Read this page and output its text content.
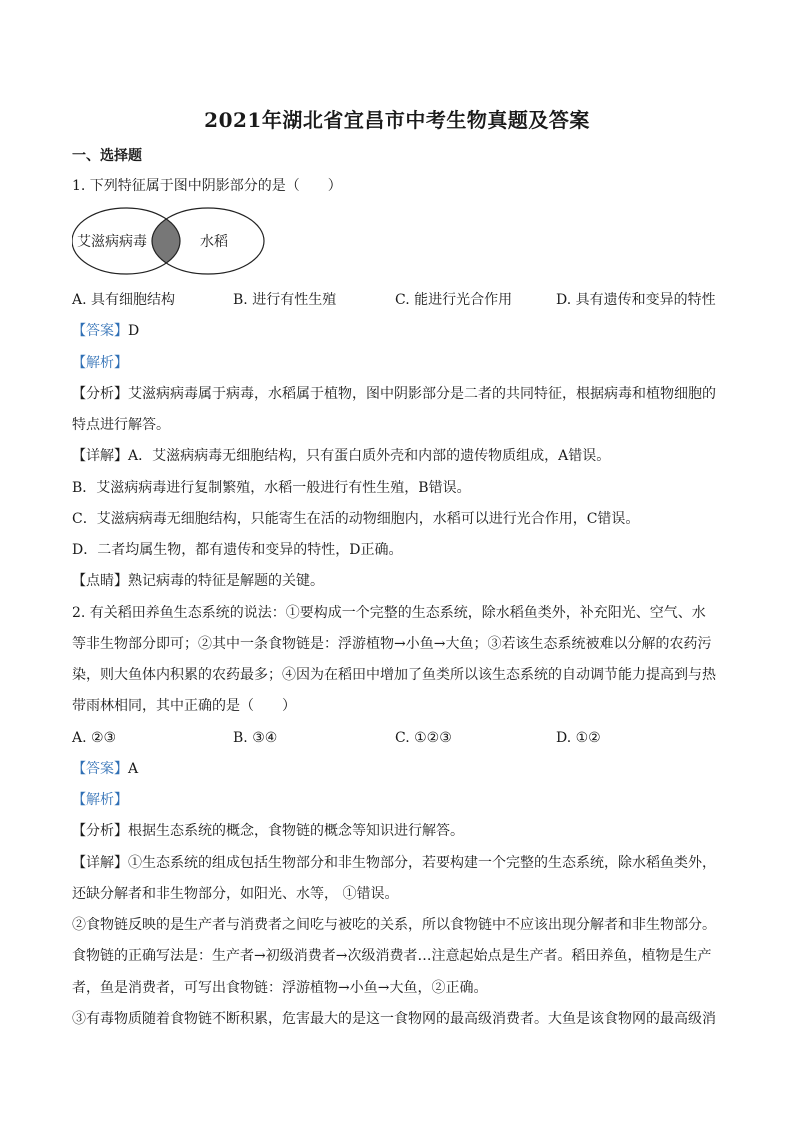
2021年湖北省宜昌市中考生物真题及答案
一、选择题
1. 下列特征属于图中阴影部分的是（　　）
艾滋病病毒	水稻
A. 具有细胞结构	B. 进行有性生殖	C. 能进行光合作用	D. 具有遗传和变异的特性
【答案】D
【解析】
【分析】艾滋病病毒属于病毒，水稻属于植物，图中阴影部分是二者的共同特征，根据病毒和植物细胞的
特点进行解答。
【详解】A．艾滋病病毒无细胞结构，只有蛋白质外壳和内部的遗传物质组成，A错误。
B．艾滋病病毒进行复制繁殖，水稻一般进行有性生殖，B错误。
C．艾滋病病毒无细胞结构，只能寄生在活的动物细胞内，水稻可以进行光合作用，C错误。
D．二者均属生物，都有遗传和变异的特性，D正确。
【点睛】熟记病毒的特征是解题的关键。
2. 有关稻田养鱼生态系统的说法：①要构成一个完整的生态系统，除水稻鱼类外，补充阳光、空气、水
等非生物部分即可；②其中一条食物链是：浮游植物→小鱼→大鱼；③若该生态系统被难以分解的农药污
染，则大鱼体内积累的农药最多；④因为在稻田中增加了鱼类所以该生态系统的自动调节能力提高到与热
带雨林相同，其中正确的是（　　）
A. ②③	B. ③④	C. ①②③	D. ①②
【答案】A
【解析】
【分析】根据生态系统的概念，食物链的概念等知识进行解答。
【详解】①生态系统的组成包括生物部分和非生物部分，若要构建一个完整的生态系统，除水稻鱼类外，
还缺分解者和非生物部分，如阳光、水等， ①错误。
②食物链反映的是生产者与消费者之间吃与被吃的关系，所以食物链中不应该出现分解者和非生物部分。
食物链的正确写法是：生产者→初级消费者→次级消费者…注意起始点是生产者。稻田养鱼，植物是生产
者，鱼是消费者，可写出食物链：浮游植物→小鱼→大鱼，②正确。
③有毒物质随着食物链不断积累，危害最大的是这一食物网的最高级消费者。大鱼是该食物网的最高级消
